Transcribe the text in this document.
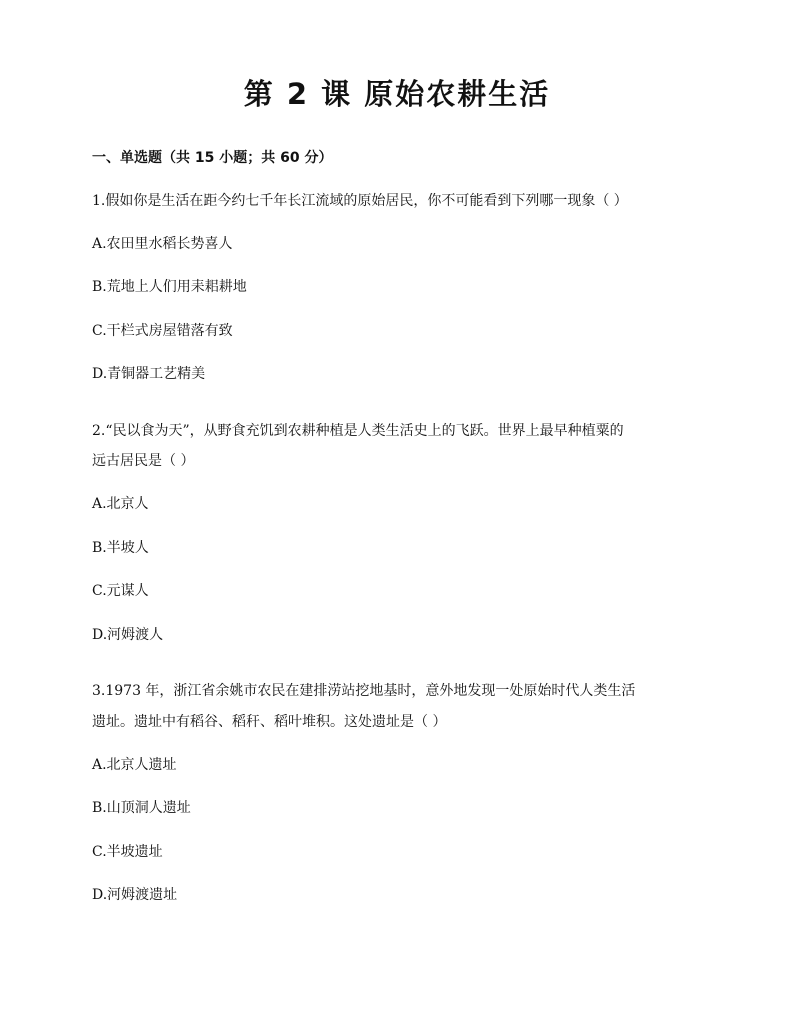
第 2 课 原始农耕生活

一、单选题（共 15 小题；共 60 分）

1.假如你是生活在距今约七千年长江流域的原始居民，你不可能看到下列哪一现象（ ）

A.农田里水稻长势喜人

B.荒地上人们用耒耜耕地

C.干栏式房屋错落有致

D.青铜器工艺精美

2.“民以食为天”，从野食充饥到农耕种植是人类生活史上的飞跃。世界上最早种植粟的

远古居民是（ ）

A.北京人

B.半坡人

C.元谋人

D.河姆渡人

3.1973 年，浙江省余姚市农民在建排涝站挖地基时，意外地发现一处原始时代人类生活

遗址。遗址中有稻谷、稻秆、稻叶堆积。这处遗址是（ ）

A.北京人遗址

B.山顶洞人遗址

C.半坡遗址

D.河姆渡遗址
